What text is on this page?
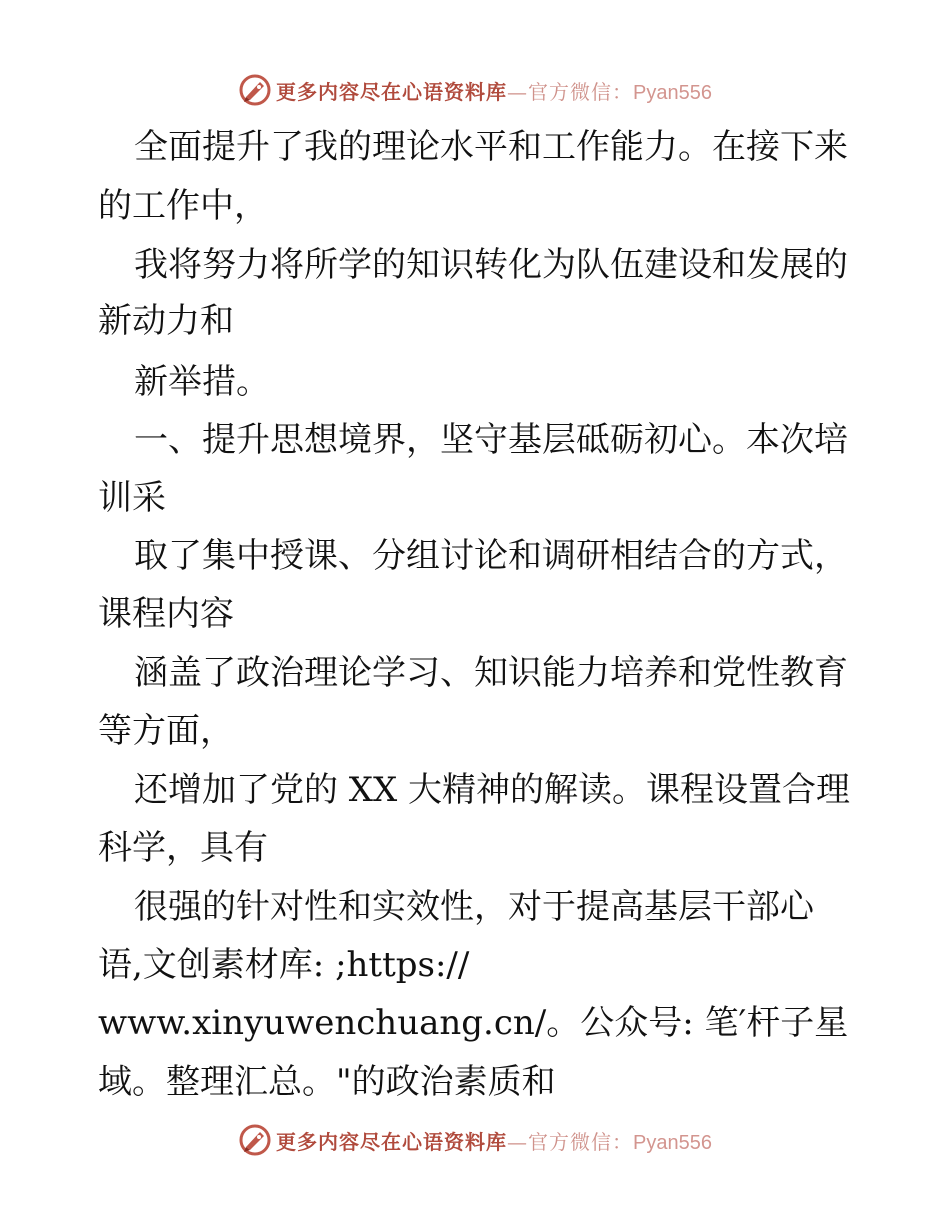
更多内容尽在心语资料库—官方微信：Pyan556
全面提升了我的理论水平和工作能力。在接下来
的工作中，
我将努力将所学的知识转化为队伍建设和发展的
新动力和
新举措。
一、提升思想境界，坚守基层砥砺初心。本次培
训采
取了集中授课、分组讨论和调研相结合的方式，
课程内容
涵盖了政治理论学习、知识能力培养和党性教育
等方面，
还增加了党的 XX 大精神的解读。课程设置合理
科学，具有
很强的针对性和实效性，对于提高基层干部心
语,文创素材库: ;https://
www.xinyuwenchuang.cn/。公众号: 笔′杆子星
域。整理汇总。"的政治素质和
更多内容尽在心语资料库—官方微信：Pyan556
